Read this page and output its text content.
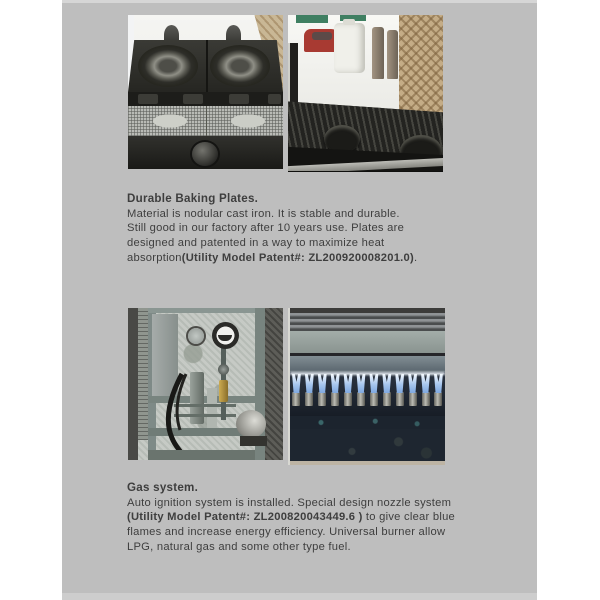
Durable Baking Plates.
Material is nodular cast iron. It is stable and durable.
Still good in our factory after 10 years use. Plates are
designed and patented in a way to maximize heat
absorption(Utility Model Patent#: ZL200920008201.0).
Gas system.
Auto ignition system is installed. Special design nozzle system
(Utility Model Patent#: ZL200820043449.6 ) to give clear blue
flames and increase energy efficiency. Universal burner allow
LPG, natural gas and some other type fuel.
